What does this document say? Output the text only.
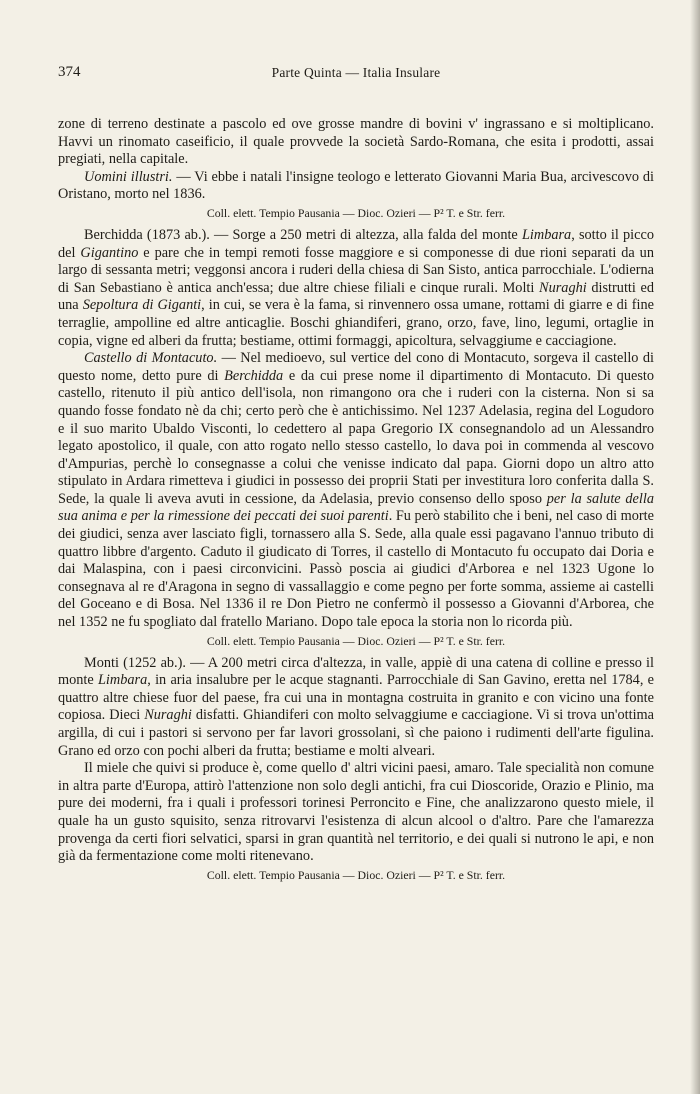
374	Parte Quinta — Italia Insulare

zone di terreno destinate a pascolo ed ove grosse mandre di bovini v' ingrassano e si moltiplicano. Havvi un rinomato caseificio, il quale provvede la società Sardo-Romana, che esita i prodotti, assai pregiati, nella capitale.

Uomini illustri. — Vi ebbe i natali l'insigne teologo e letterato Giovanni Maria Bua, arcivescovo di Oristano, morto nel 1836.

Coll. elett. Tempio Pausania — Dioc. Ozieri — P² T. e Str. ferr.

Berchidda (1873 ab.). — Sorge a 250 metri di altezza, alla falda del monte Limbara, sotto il picco del Gigantino e pare che in tempi remoti fosse maggiore e si componesse di due rioni separati da un largo di sessanta metri; veggonsi ancora i ruderi della chiesa di San Sisto, antica parrocchiale. L'odierna di San Sebastiano è antica anch'essa; due altre chiese filiali e cinque rurali. Molti Nuraghi distrutti ed una Sepoltura di Giganti, in cui, se vera è la fama, si rinvennero ossa umane, rottami di giarre e di fine terraglie, ampolline ed altre anticaglie. Boschi ghiandiferi, grano, orzo, fave, lino, legumi, ortaglie in copia, vigne ed alberi da frutta; bestiame, ottimi formaggi, apicoltura, selvaggiume e cacciagione.

Castello di Montacuto. — Nel medioevo, sul vertice del cono di Montacuto, sorgeva il castello di questo nome, detto pure di Berchidda e da cui prese nome il dipartimento di Montacuto. Di questo castello, ritenuto il più antico dell'isola, non rimangono ora che i ruderi con la cisterna. Non si sa quando fosse fondato nè da chi; certo però che è antichissimo. Nel 1237 Adelasia, regina del Logudoro e il suo marito Ubaldo Visconti, lo cedettero al papa Gregorio IX consegnandolo ad un Alessandro legato apostolico, il quale, con atto rogato nello stesso castello, lo dava poi in commenda al vescovo d'Ampurias, perchè lo consegnasse a colui che venisse indicato dal papa. Giorni dopo un altro atto stipulato in Ardara rimetteva i giudici in possesso dei proprii Stati per investitura loro conferita dalla S. Sede, la quale li aveva avuti in cessione, da Adelasia, previo consenso dello sposo per la salute della sua anima e per la rimessione dei peccati dei suoi parenti. Fu però stabilito che i beni, nel caso di morte dei giudici, senza aver lasciato figli, tornassero alla S. Sede, alla quale essi pagavano l'annuo tributo di quattro libbre d'argento. Caduto il giudicato di Torres, il castello di Montacuto fu occupato dai Doria e dai Malaspina, con i paesi circonvicini. Passò poscia ai giudici d'Arborea e nel 1323 Ugone lo consegnava al re d'Aragona in segno di vassallaggio e come pegno per forte somma, assieme ai castelli del Goceano e di Bosa. Nel 1336 il re Don Pietro ne confermò il possesso a Giovanni d'Arborea, che nel 1352 ne fu spogliato dal fratello Mariano. Dopo tale epoca la storia non lo ricorda più.

Coll. elett. Tempio Pausania — Dioc. Ozieri — P² T. e Str. ferr.

Monti (1252 ab.). — A 200 metri circa d'altezza, in valle, appiè di una catena di colline e presso il monte Limbara, in aria insalubre per le acque stagnanti. Parrocchiale di San Gavino, eretta nel 1784, e quattro altre chiese fuor del paese, fra cui una in montagna costruita in granito e con vicino una fonte copiosa. Dieci Nuraghi disfatti. Ghiandiferi con molto selvaggiume e cacciagione. Vi si trova un'ottima argilla, di cui i pastori si servono per far lavori grossolani, sì che paiono i rudimenti dell'arte figulina. Grano ed orzo con pochi alberi da frutta; bestiame e molti alveari.

Il miele che quivi si produce è, come quello d' altri vicini paesi, amaro. Tale specialità non comune in altra parte d'Europa, attirò l'attenzione non solo degli antichi, fra cui Dioscoride, Orazio e Plinio, ma pure dei moderni, fra i quali i professori torinesi Perroncito e Fine, che analizzarono questo miele, il quale ha un gusto squisito, senza ritrovarvi l'esistenza di alcun alcool o d'altro. Pare che l'amarezza provenga da certi fiori selvatici, sparsi in gran quantità nel territorio, e dei quali si nutrono le api, e non già da fermentazione come molti ritenevano.

Coll. elett. Tempio Pausania — Dioc. Ozieri — P² T. e Str. ferr.
